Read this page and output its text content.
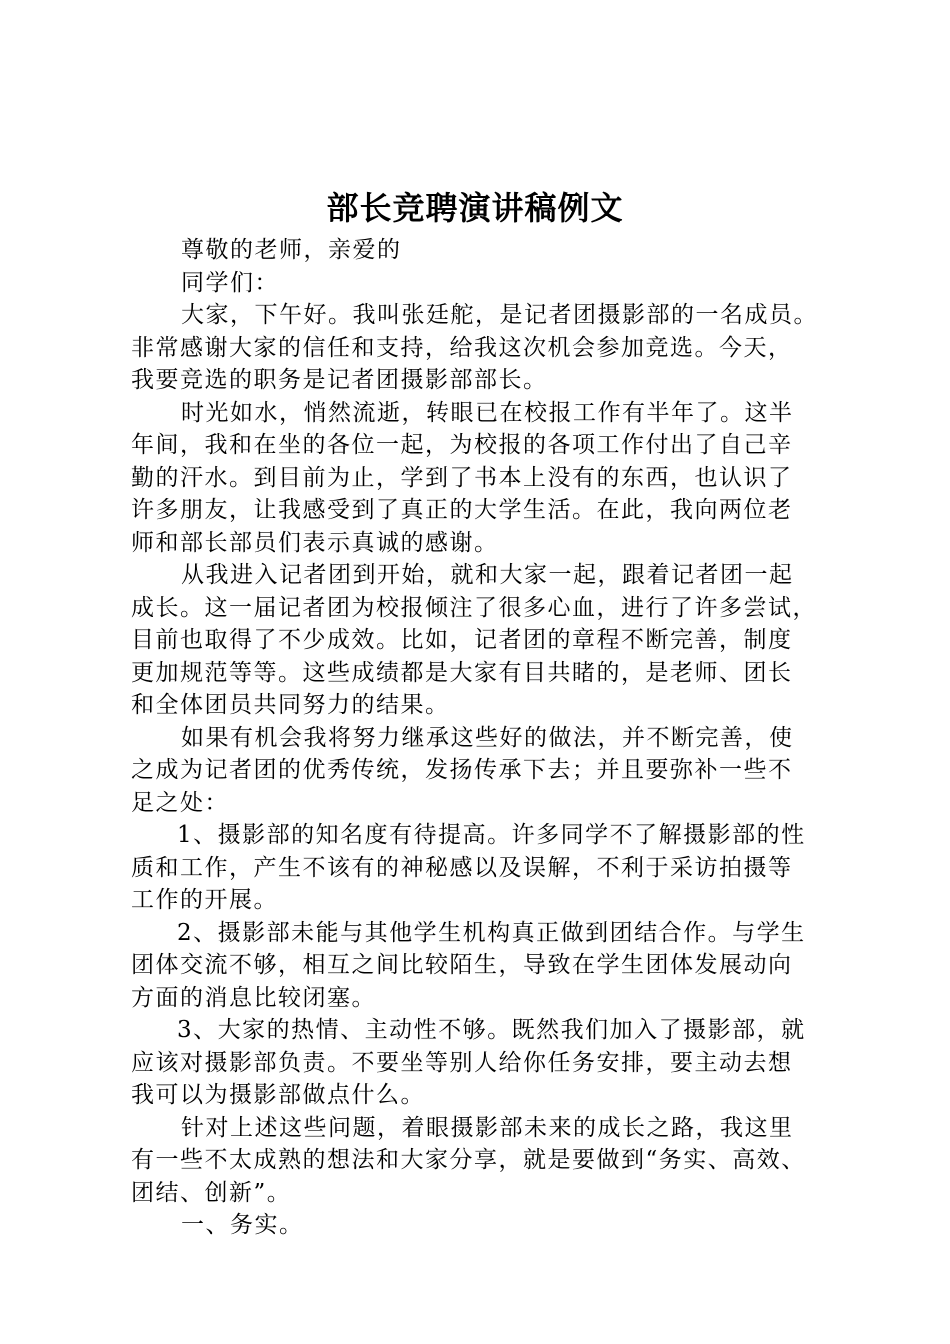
部长竞聘演讲稿例文
尊敬的老师，亲爱的
同学们：
大家，下午好。我叫张廷舵，是记者团摄影部的一名成员。
非常感谢大家的信任和支持，给我这次机会参加竞选。今天，
我要竞选的职务是记者团摄影部部长。
时光如水，悄然流逝，转眼已在校报工作有半年了。这半
年间，我和在坐的各位一起，为校报的各项工作付出了自己辛
勤的汗水。到目前为止，学到了书本上没有的东西，也认识了
许多朋友，让我感受到了真正的大学生活。在此，我向两位老
师和部长部员们表示真诚的感谢。
从我进入记者团到开始，就和大家一起，跟着记者团一起
成长。这一届记者团为校报倾注了很多心血，进行了许多尝试，
目前也取得了不少成效。比如，记者团的章程不断完善，制度
更加规范等等。这些成绩都是大家有目共睹的，是老师、团长
和全体团员共同努力的结果。
如果有机会我将努力继承这些好的做法，并不断完善，使
之成为记者团的优秀传统，发扬传承下去；并且要弥补一些不
足之处：
1、摄影部的知名度有待提高。许多同学不了解摄影部的性
质和工作，产生不该有的神秘感以及误解，不利于采访拍摄等
工作的开展。
2、摄影部未能与其他学生机构真正做到团结合作。与学生
团体交流不够，相互之间比较陌生，导致在学生团体发展动向
方面的消息比较闭塞。
3、大家的热情、主动性不够。既然我们加入了摄影部，就
应该对摄影部负责。不要坐等别人给你任务安排，要主动去想
我可以为摄影部做点什么。
针对上述这些问题，着眼摄影部未来的成长之路，我这里
有一些不太成熟的想法和大家分享，就是要做到“务实、高效、
团结、创新”。
一、务实。
